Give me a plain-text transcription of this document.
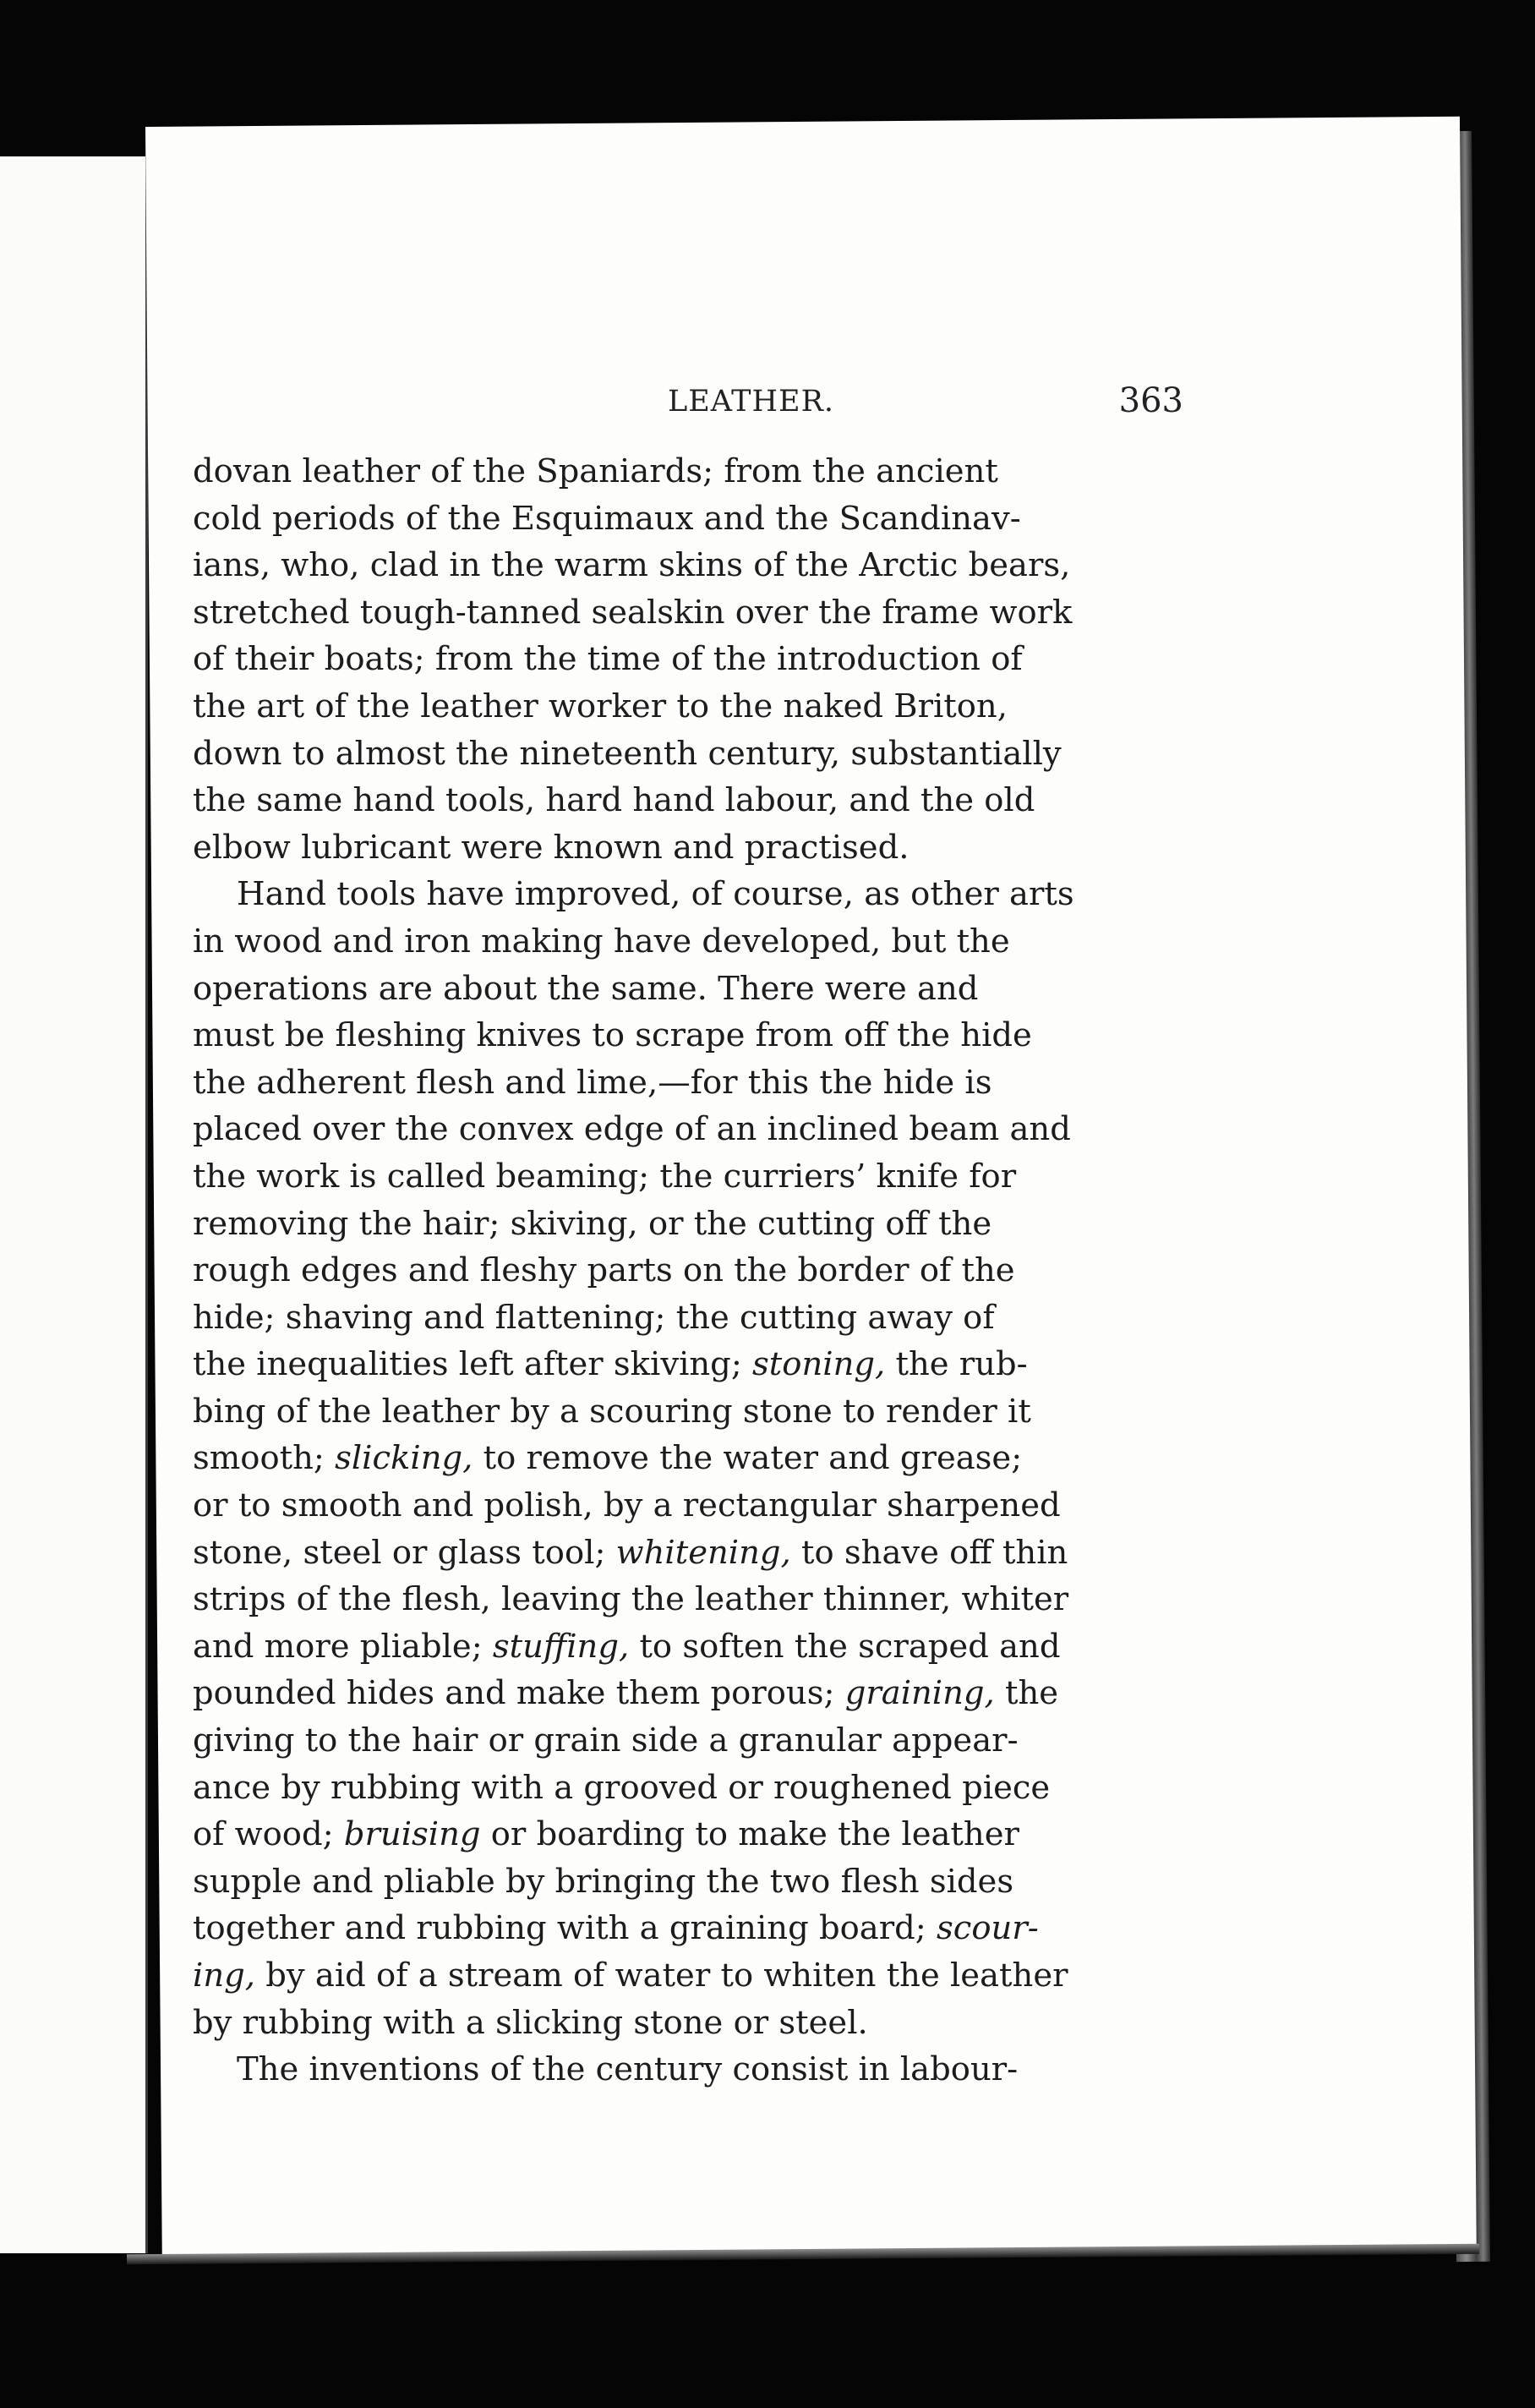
LEATHER.	363
dovan leather of the Spaniards; from the ancient
cold periods of the Esquimaux and the Scandinav-
ians, who, clad in the warm skins of the Arctic bears,
stretched tough-tanned sealskin over the frame work
of their boats; from the time of the introduction of
the art of the leather worker to the naked Briton,
down to almost the nineteenth century, substantially
the same hand tools, hard hand labour, and the old
elbow lubricant were known and practised.
Hand tools have improved, of course, as other arts
in wood and iron making have developed, but the
operations are about the same. There were and
must be fleshing knives to scrape from off the hide
the adherent flesh and lime,—for this the hide is
placed over the convex edge of an inclined beam and
the work is called beaming; the curriers’ knife for
removing the hair; skiving, or the cutting off the
rough edges and fleshy parts on the border of the
hide; shaving and flattening; the cutting away of
the inequalities left after skiving; stoning, the rub-
bing of the leather by a scouring stone to render it
smooth; slicking, to remove the water and grease;
or to smooth and polish, by a rectangular sharpened
stone, steel or glass tool; whitening, to shave off thin
strips of the flesh, leaving the leather thinner, whiter
and more pliable; stuffing, to soften the scraped and
pounded hides and make them porous; graining, the
giving to the hair or grain side a granular appear-
ance by rubbing with a grooved or roughened piece
of wood; bruising or boarding to make the leather
supple and pliable by bringing the two flesh sides
together and rubbing with a graining board; scour-
ing, by aid of a stream of water to whiten the leather
by rubbing with a slicking stone or steel.
The inventions of the century consist in labour-
